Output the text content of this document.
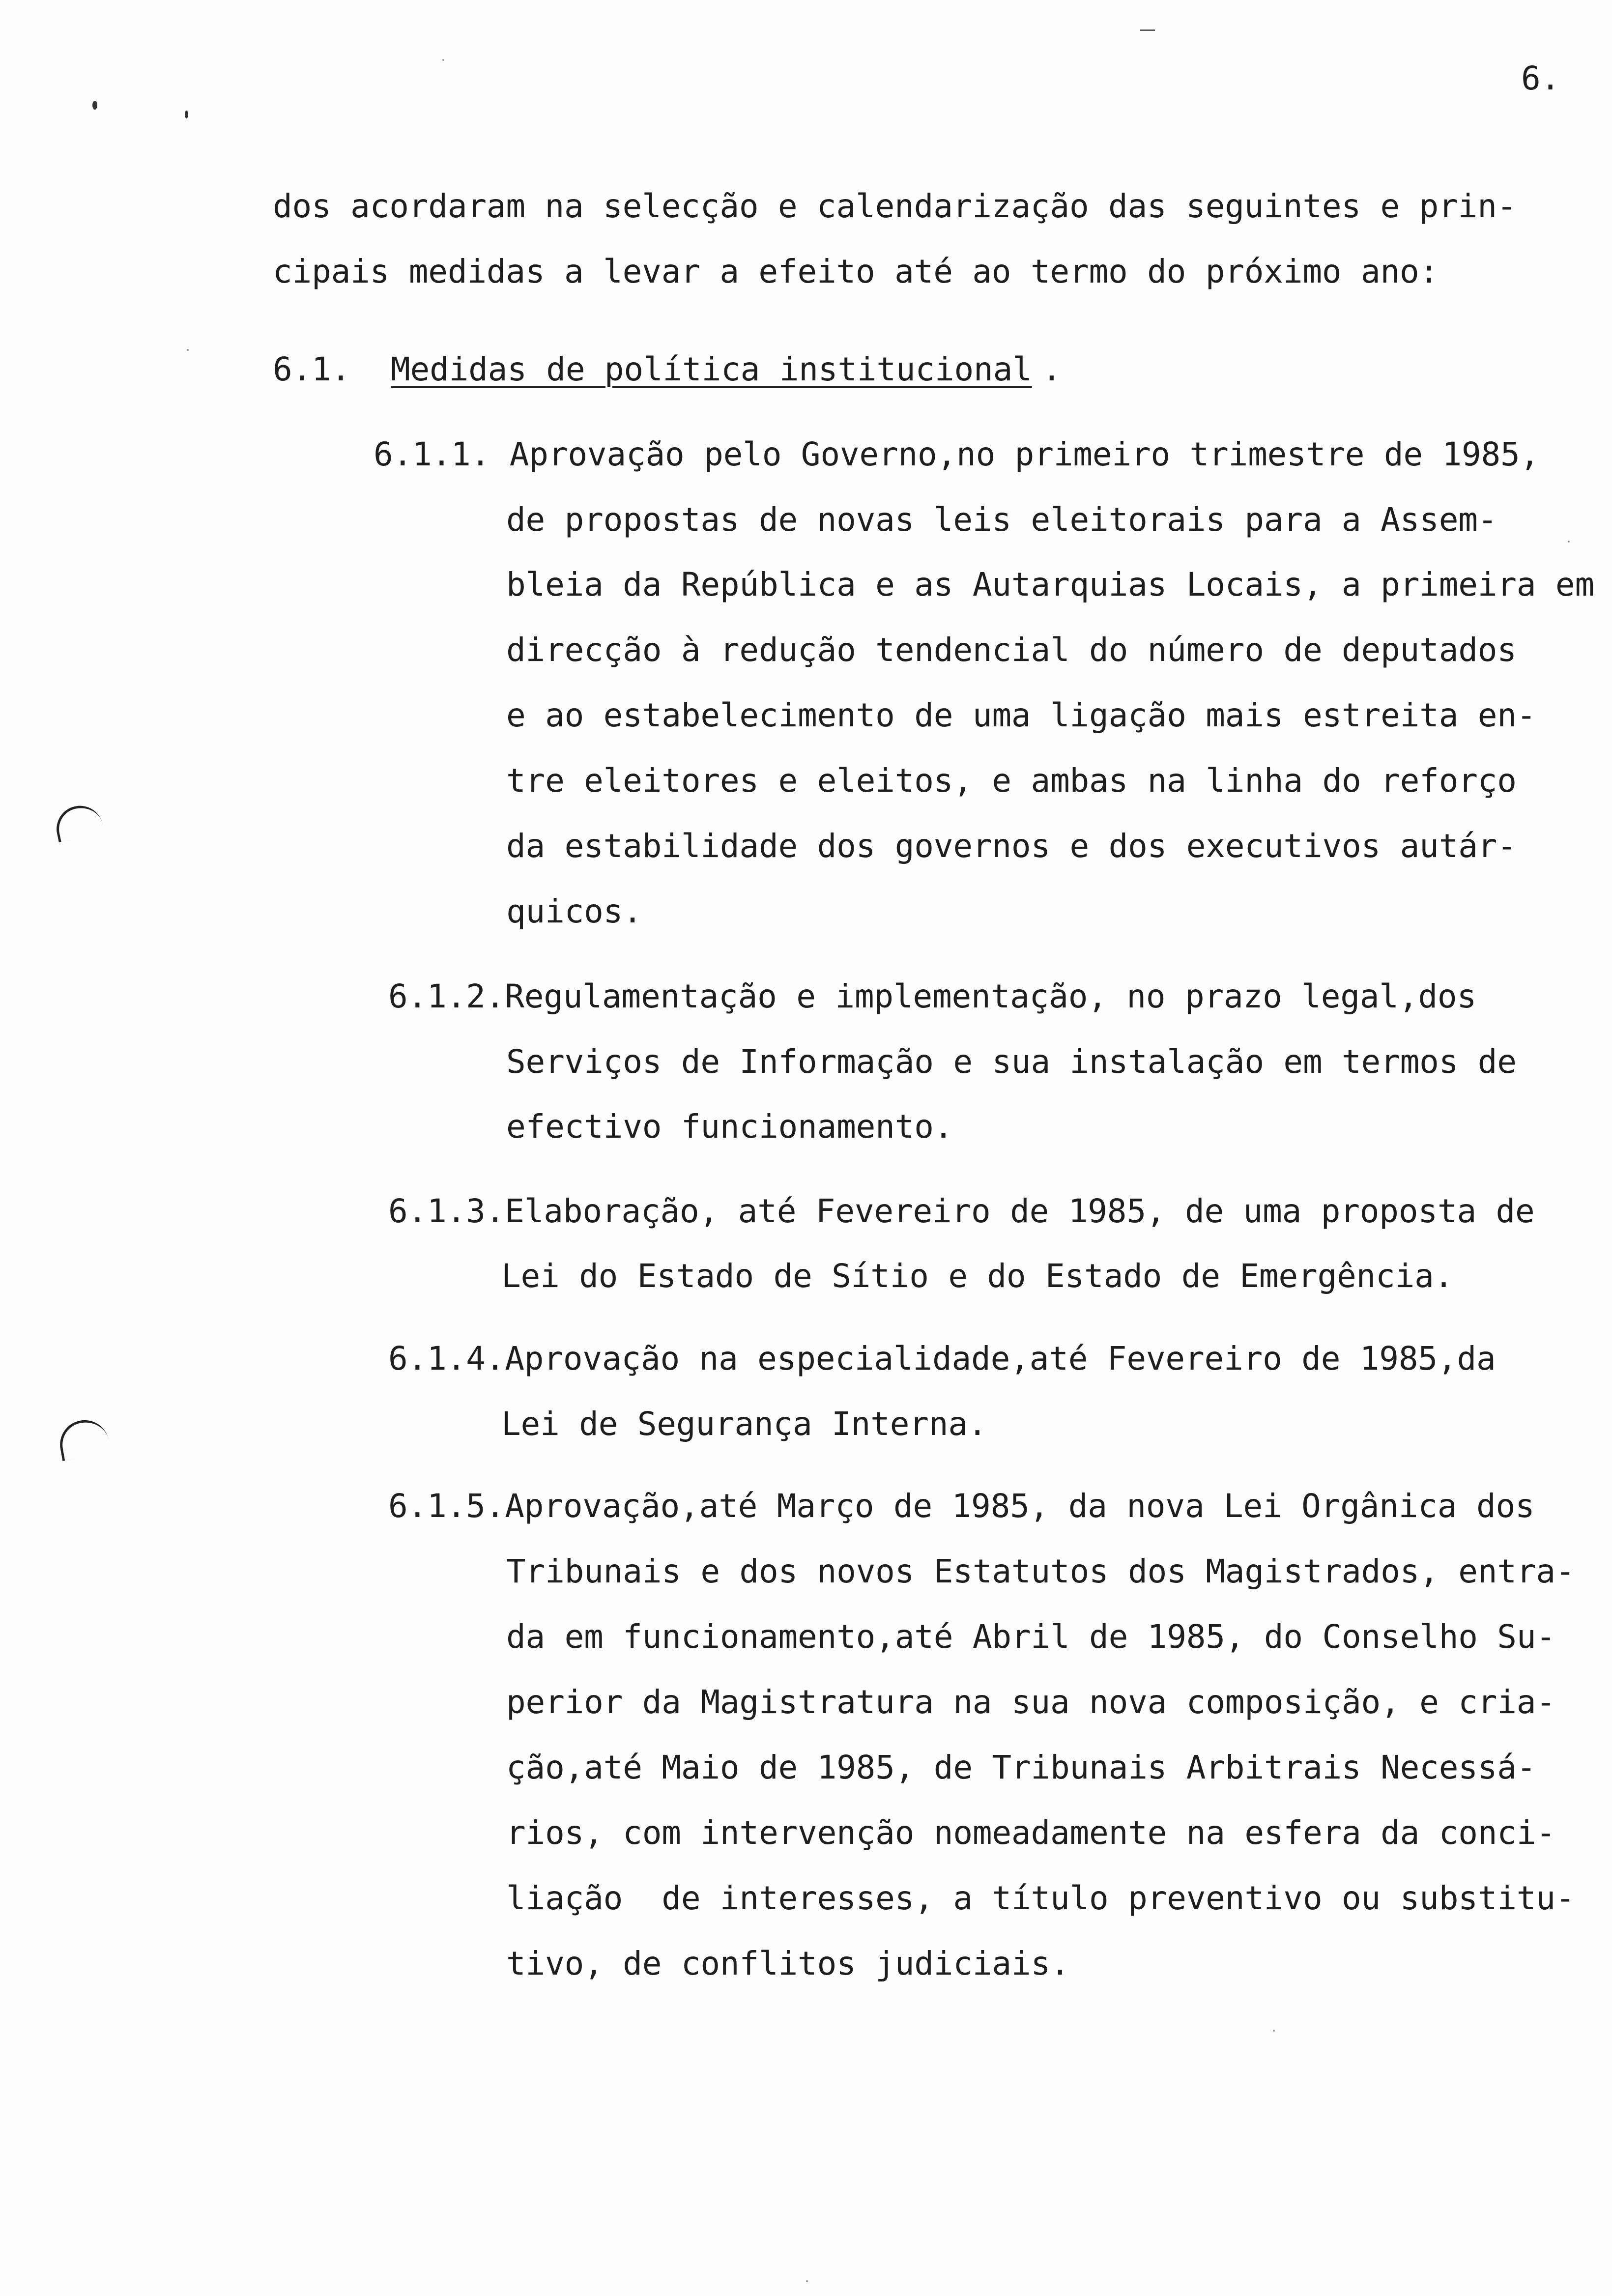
6.
dos acordaram na selecção e calendarização das seguintes e prin-
cipais medidas a levar a efeito até ao termo do próximo ano:
6.1. Medidas de política institucional .
6.1.1. Aprovação pelo Governo,no primeiro trimestre de 1985,
de propostas de novas leis eleitorais para a Assem-
bleia da República e as Autarquias Locais, a primeira em
direcção à redução tendencial do número de deputados
e ao estabelecimento de uma ligação mais estreita en-
tre eleitores e eleitos, e ambas na linha do reforço
da estabilidade dos governos e dos executivos autár-
quicos.
6.1.2.Regulamentação e implementação, no prazo legal,dos
Serviços de Informação e sua instalação em termos de
efectivo funcionamento.
6.1.3.Elaboração, até Fevereiro de 1985, de uma proposta de
Lei do Estado de Sítio e do Estado de Emergência.
6.1.4.Aprovação na especialidade,até Fevereiro de 1985,da
Lei de Segurança Interna.
6.1.5.Aprovação,até Março de 1985, da nova Lei Orgânica dos
Tribunais e dos novos Estatutos dos Magistrados, entra-
da em funcionamento,até Abril de 1985, do Conselho Su-
perior da Magistratura na sua nova composição, e cria-
ção,até Maio de 1985, de Tribunais Arbitrais Necessá-
rios, com intervenção nomeadamente na esfera da conci-
liação  de interesses, a título preventivo ou substitu-
tivo, de conflitos judiciais.
